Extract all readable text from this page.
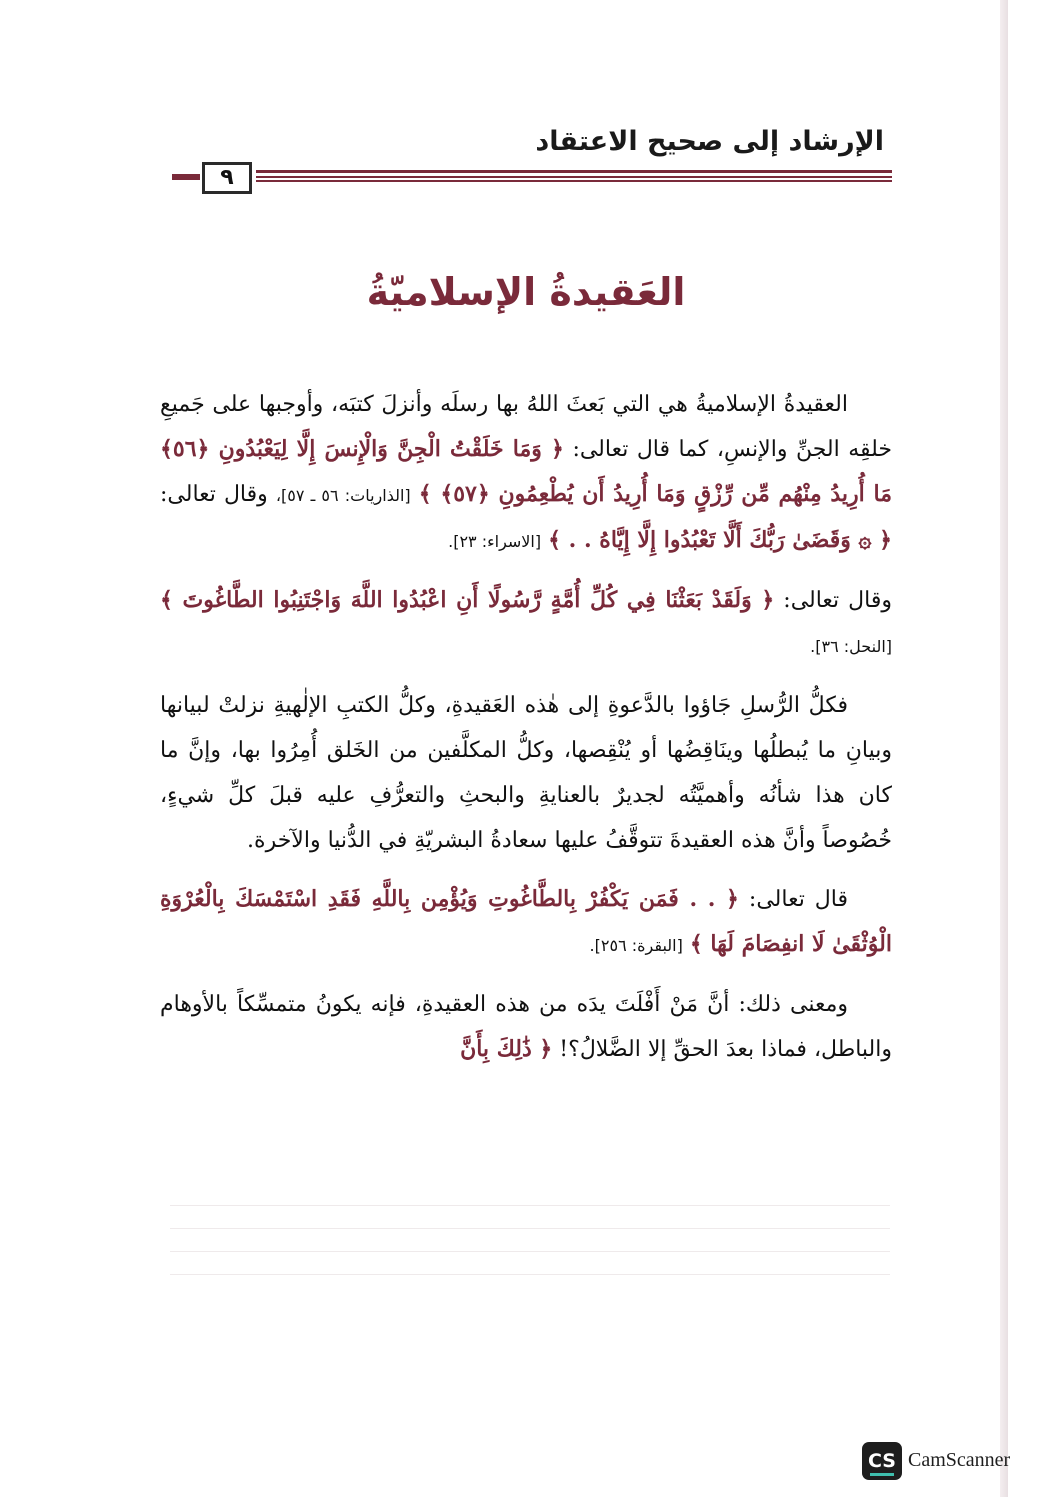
الإرشاد إلى صحيح الاعتقاد
٩
العَقيدةُ الإسلاميّةُ

العقيدةُ الإسلاميةُ هي التي بَعثَ اللهُ بها رسلَه وأنزلَ كتبَه، وأوجبها على جَميعِ خلقِه الجنِّ والإنسِ، كما قال تعالى: ﴿ وَمَا خَلَقْتُ الْجِنَّ وَالْإِنسَ إِلَّا لِيَعْبُدُونِ ﴿٥٦﴾ مَا أُرِيدُ مِنْهُم مِّن رِّزْقٍ وَمَا أُرِيدُ أَن يُطْعِمُونِ ﴿٥٧﴾ ﴾ [الذاريات: ٥٦ ـ ٥٧]، وقال تعالى: ﴿ ۞ وَقَضَىٰ رَبُّكَ أَلَّا تَعْبُدُوا إِلَّا إِيَّاهُ . . ﴾ [الاسراء: ٢٣].

وقال تعالى: ﴿ وَلَقَدْ بَعَثْنَا فِي كُلِّ أُمَّةٍ رَّسُولًا أَنِ اعْبُدُوا اللَّهَ وَاجْتَنِبُوا الطَّاغُوتَ ﴾ [النحل: ٣٦].

فكلُّ الرُّسلِ جَاؤوا بالدَّعوةِ إلى هٰذه العَقيدةِ، وكلُّ الكتبِ الإلٰهيةِ نزلتْ لبيانها وبيانِ ما يُبطلُها وينَاقِضُها أو يُنْقِصها، وكلُّ المكلَّفين من الخَلق أُمِرُوا بها، وإنَّ ما كان هذا شأنُه وأهميَّتُه لجديرٌ بالعنايةِ والبحثِ والتعرُّفِ عليه قبلَ كلِّ شيءٍ، خُصُوصاً وأنَّ هذه العقيدةَ تتوقَّفُ عليها سعادةُ البشريّةِ في الدُّنيا والآخرة.

قال تعالى: ﴿ . . فَمَن يَكْفُرْ بِالطَّاغُوتِ وَيُؤْمِن بِاللَّهِ فَقَدِ اسْتَمْسَكَ بِالْعُرْوَةِ الْوُثْقَىٰ لَا انفِصَامَ لَهَا ﴾ [البقرة: ٢٥٦].

ومعنى ذلك: أنَّ مَنْ أَفْلَتَ يدَه من هذه العقيدةِ، فإنه يكونُ متمسِّكاً بالأوهام والباطل، فماذا بعدَ الحقِّ إلا الضَّلالُ؟! ﴿ ذَٰلِكَ بِأَنَّ

CS CamScanner
